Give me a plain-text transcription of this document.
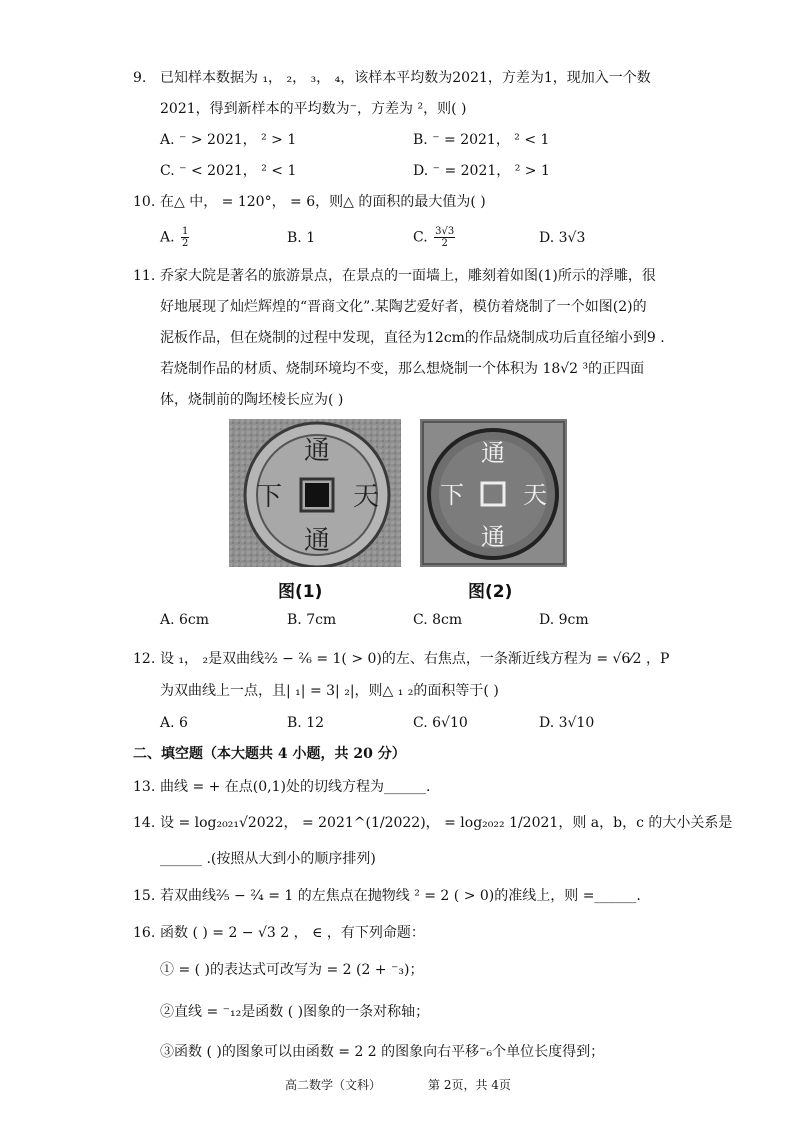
9. 已知样本数据为 ₁， ₂， ₃， ₄，该样本平均数为2021，方差为1，现加入一个数
2021，得到新样本的平均数为⁻，方差为 ²，则( )
A. ⁻ > 2021， ² > 1	B. ⁻ = 2021， ² < 1
C. ⁻ < 2021， ² < 1	D. ⁻ = 2021， ² > 1
10. 在△ 中， = 120°， = 6，则△ 的面积的最大值为( )
A. $\frac{1}{2}$	B. 1	C. $\frac{3√3}{2}$	D. 3√3
11. 乔家大院是著名的旅游景点，在景点的一面墙上，雕刻着如图(1)所示的浮雕，很
好地展现了灿烂辉煌的“晋商文化”.某陶艺爱好者，模仿着烧制了一个如图(2)的
泥板作品，但在烧制的过程中发现，直径为12cm的作品烧制成功后直径缩小到9 .
若烧制作品的材质、烧制环境均不变，那么想烧制一个体积为 18√2 ³的正四面
体，烧制前的陶坯棱长应为( )
通
天
通
下
图(1)
通
天
通
下
图(2)
A. 6cm	B. 7cm	C. 8cm	D. 9cm
12. 设 ₁， ₂是双曲线²⁄₂ − ²⁄₆ = 1( > 0)的左、右焦点，一条渐近线方程为 = √6⁄2 ，P
为双曲线上一点，且| ₁| = 3| ₂|，则△ ₁ ₂的面积等于( )
A. 6	B. 12	C. 6√10	D. 3√10
二、填空题（本大题共 4 小题，共 20 分）
13. 曲线 = + 在点(0,1)处的切线方程为______.
14. 设 = log₂₀₂₁√2022， = 2021^(1/2022)， = log₂₀₂₂ 1/2021，则 a，b，c 的大小关系是
______ .(按照从大到小的顺序排列)
15. 若双曲线²⁄₅ − ²⁄₄ = 1 的左焦点在抛物线 ² = 2 ( > 0)的准线上，则 =______.
16. 函数 ( ) = 2 − √3 2 ， ∈ ，有下列命题：
① = ( )的表达式可改写为 = 2 (2 + ⁻₃)；
②直线 = ⁻₁₂是函数 ( )图象的一条对称轴；
③函数 ( )的图象可以由函数 = 2 2 的图象向右平移⁻₆个单位长度得到；
高二数学（文科）	第 2页，共 4页
